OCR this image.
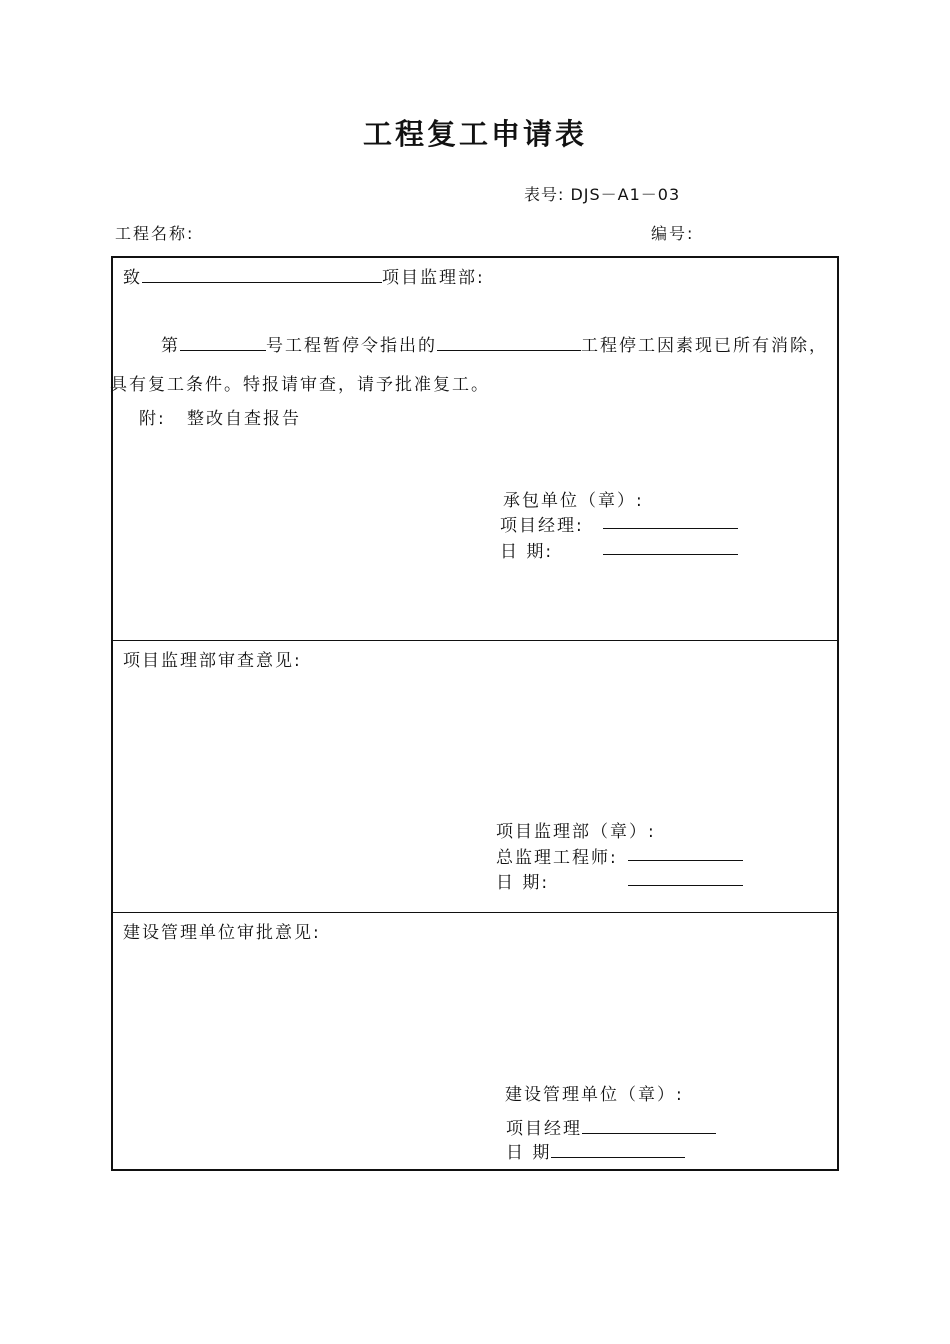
工程复工申请表
表号: DJS－A1－03
工程名称:	编号:
致	项目监理部:
第	号工程暂停令指出的	工程停工因素现已所有消除，
具有复工条件。特报请审查，请予批准复工。
附: 整改自查报告
承包单位（章）:
项目经理:
日 期:
项目监理部审查意见:
项目监理部（章）:
总监理工程师:
日 期:
建设管理单位审批意见:
建设管理单位（章）:
项目经理
日 期
